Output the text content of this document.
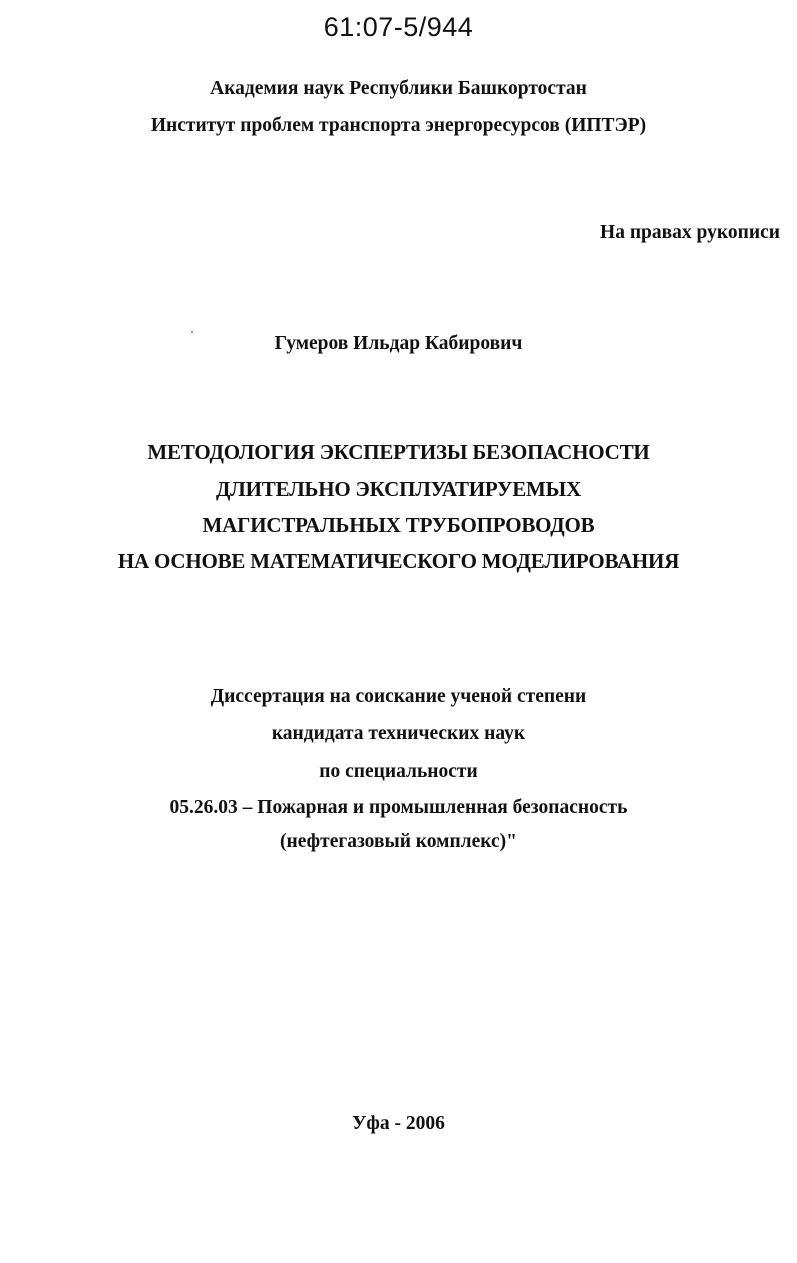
61:07-5/944
Академия наук Республики Башкортостан
Институт проблем транспорта энергоресурсов (ИПТЭР)
На правах рукописи
Гумеров Ильдар Кабирович
МЕТОДОЛОГИЯ ЭКСПЕРТИЗЫ БЕЗОПАСНОСТИ
ДЛИТЕЛЬНО ЭКСПЛУАТИРУЕМЫХ
МАГИСТРАЛЬНЫХ ТРУБОПРОВОДОВ
НА ОСНОВЕ МАТЕМАТИЧЕСКОГО МОДЕЛИРОВАНИЯ
Диссертация на соискание ученой степени
кандидата технических наук
по специальности
05.26.03 – Пожарная и промышленная безопасность
(нефтегазовый комплекс)"
Уфа - 2006
